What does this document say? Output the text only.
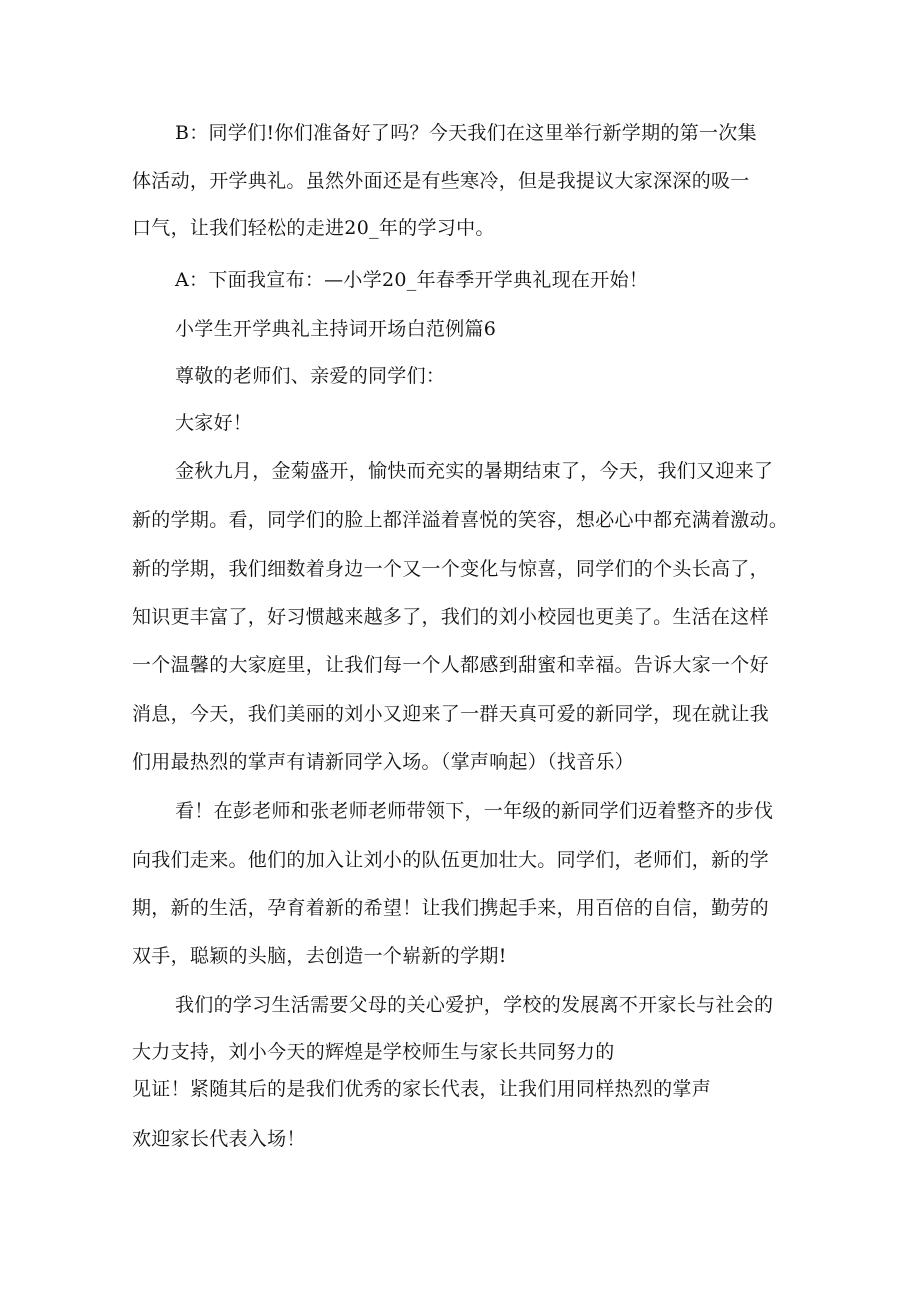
B：同学们!你们准备好了吗？今天我们在这里举行新学期的第一次集
体活动，开学典礼。虽然外面还是有些寒冷，但是我提议大家深深的吸一
口气，让我们轻松的走进20_年的学习中。
A：下面我宣布：—小学20_年春季开学典礼现在开始！
小学生开学典礼主持词开场白范例篇6
尊敬的老师们、亲爱的同学们：
大家好！
金秋九月，金菊盛开，愉快而充实的暑期结束了，今天，我们又迎来了
新的学期。看，同学们的脸上都洋溢着喜悦的笑容，想必心中都充满着激动。
新的学期，我们细数着身边一个又一个变化与惊喜，同学们的个头长高了，
知识更丰富了，好习惯越来越多了，我们的刘小校园也更美了。生活在这样
一个温馨的大家庭里，让我们每一个人都感到甜蜜和幸福。告诉大家一个好
消息，今天，我们美丽的刘小又迎来了一群天真可爱的新同学，现在就让我
们用最热烈的掌声有请新同学入场。（掌声响起）（找音乐）
看！在彭老师和张老师老师带领下，一年级的新同学们迈着整齐的步伐
向我们走来。他们的加入让刘小的队伍更加壮大。同学们，老师们，新的学
期，新的生活，孕育着新的希望！让我们携起手来，用百倍的自信，勤劳的
双手，聪颖的头脑，去创造一个崭新的学期!
我们的学习生活需要父母的关心爱护，学校的发展离不开家长与社会的
大力支持，刘小今天的辉煌是学校师生与家长共同努力的
见证！紧随其后的是我们优秀的家长代表，让我们用同样热烈的掌声
欢迎家长代表入场！
